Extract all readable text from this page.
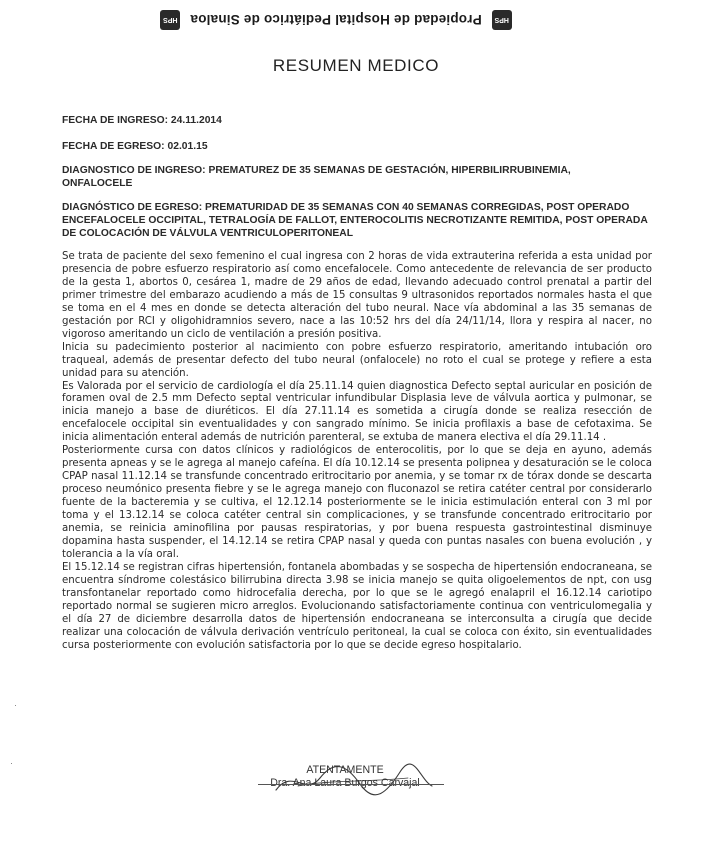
HP
S
Propiedad de Hospital Pediátrico de Sinaloa
HP
S
RESUMEN MEDICO
FECHA DE INGRESO: 24.11.2014
FECHA DE EGRESO: 02.01.15
DIAGNOSTICO DE INGRESO: PREMATUREZ DE 35 SEMANAS DE GESTACIÓN, HIPERBILIRRUBINEMIA, ONFALOCELE
DIAGNÓSTICO DE EGRESO: PREMATURIDAD DE 35 SEMANAS CON 40 SEMANAS CORREGIDAS, POST OPERADO ENCEFALOCELE OCCIPITAL, TETRALOGÍA DE FALLOT, ENTEROCOLITIS NECROTIZANTE REMITIDA, POST OPERADA DE COLOCACIÓN DE VÁLVULA VENTRICULOPERITONEAL

Se trata de paciente del sexo femenino el cual ingresa con 2 horas de vida extrauterina referida a esta unidad por presencia de pobre esfuerzo respiratorio así como encefalocele. Como antecedente de relevancia de ser producto de la gesta 1, abortos 0, cesárea 1, madre de 29 años de edad, llevando adecuado control prenatal a partir del primer trimestre del embarazo acudiendo a más de 15 consultas 9 ultrasonidos reportados normales hasta el que se toma en el 4 mes en donde se detecta alteración del tubo neural. Nace vía abdominal a las 35 semanas de gestación por RCI y oligohidramnios severo, nace a las 10:52 hrs del día 24/11/14, llora y respira al nacer, no vigoroso ameritando un ciclo de ventilación a presión positiva.

Inicia su padecimiento posterior al nacimiento con pobre esfuerzo respiratorio, ameritando intubación oro traqueal, además de presentar defecto del tubo neural (onfalocele) no roto el cual se protege y refiere a esta unidad para su atención.

Es Valorada por el servicio de cardiología el día 25.11.14 quien diagnostica Defecto septal auricular en posición de foramen oval de 2.5 mm Defecto septal ventricular infundibular Displasia leve de válvula aortica y pulmonar, se inicia manejo a base de diuréticos. El día 27.11.14 es sometida a cirugía donde se realiza resección de encefalocele occipital sin eventualidades y con sangrado mínimo. Se inicia profilaxis a base de cefotaxima. Se inicia alimentación enteral además de nutrición parenteral, se extuba de manera electiva el día 29.11.14 .

Posteriormente cursa con datos clínicos y radiológicos de enterocolitis, por lo que se deja en ayuno, además presenta apneas y se le agrega al manejo cafeína. El día 10.12.14 se presenta polipnea y desaturación se le coloca CPAP nasal 11.12.14 se transfunde concentrado eritrocitario por anemia, y se tomar rx de tórax donde se descarta proceso neumónico presenta fiebre y se le agrega manejo con fluconazol se retira catéter central por considerarlo fuente de la bacteremia y se cultiva, el 12.12.14 posteriormente se le inicia estimulación enteral con 3 ml por toma y el 13.12.14 se coloca catéter central sin complicaciones, y se transfunde concentrado eritrocitario por anemia, se reinicia aminofilina por pausas respiratorias, y por buena respuesta gastrointestinal disminuye dopamina hasta suspender, el 14.12.14 se retira CPAP nasal y queda con puntas nasales con buena evolución , y tolerancia a la vía oral.

El 15.12.14 se registran cifras hipertensión, fontanela abombadas y se sospecha de hipertensión endocraneana, se encuentra síndrome colestásico bilirrubina directa 3.98 se inicia manejo se quita oligoelementos de npt, con usg transfontanelar reportado como hidrocefalia derecha, por lo que se le agregó enalapril el 16.12.14 cariotipo reportado normal se sugieren micro arreglos. Evolucionando satisfactoriamente continua con ventriculomegalia y el día 27 de diciembre desarrolla datos de hipertensión endocraneana se interconsulta a cirugía que decide realizar una colocación de válvula derivación ventrículo peritoneal, la cual se coloca con éxito, sin eventualidades cursa posteriormente con evolución satisfactoria por lo que se decide egreso hospitalario.

ATENTAMENTE
Dra. Ana Laura Burgos Carvajal
·
·
